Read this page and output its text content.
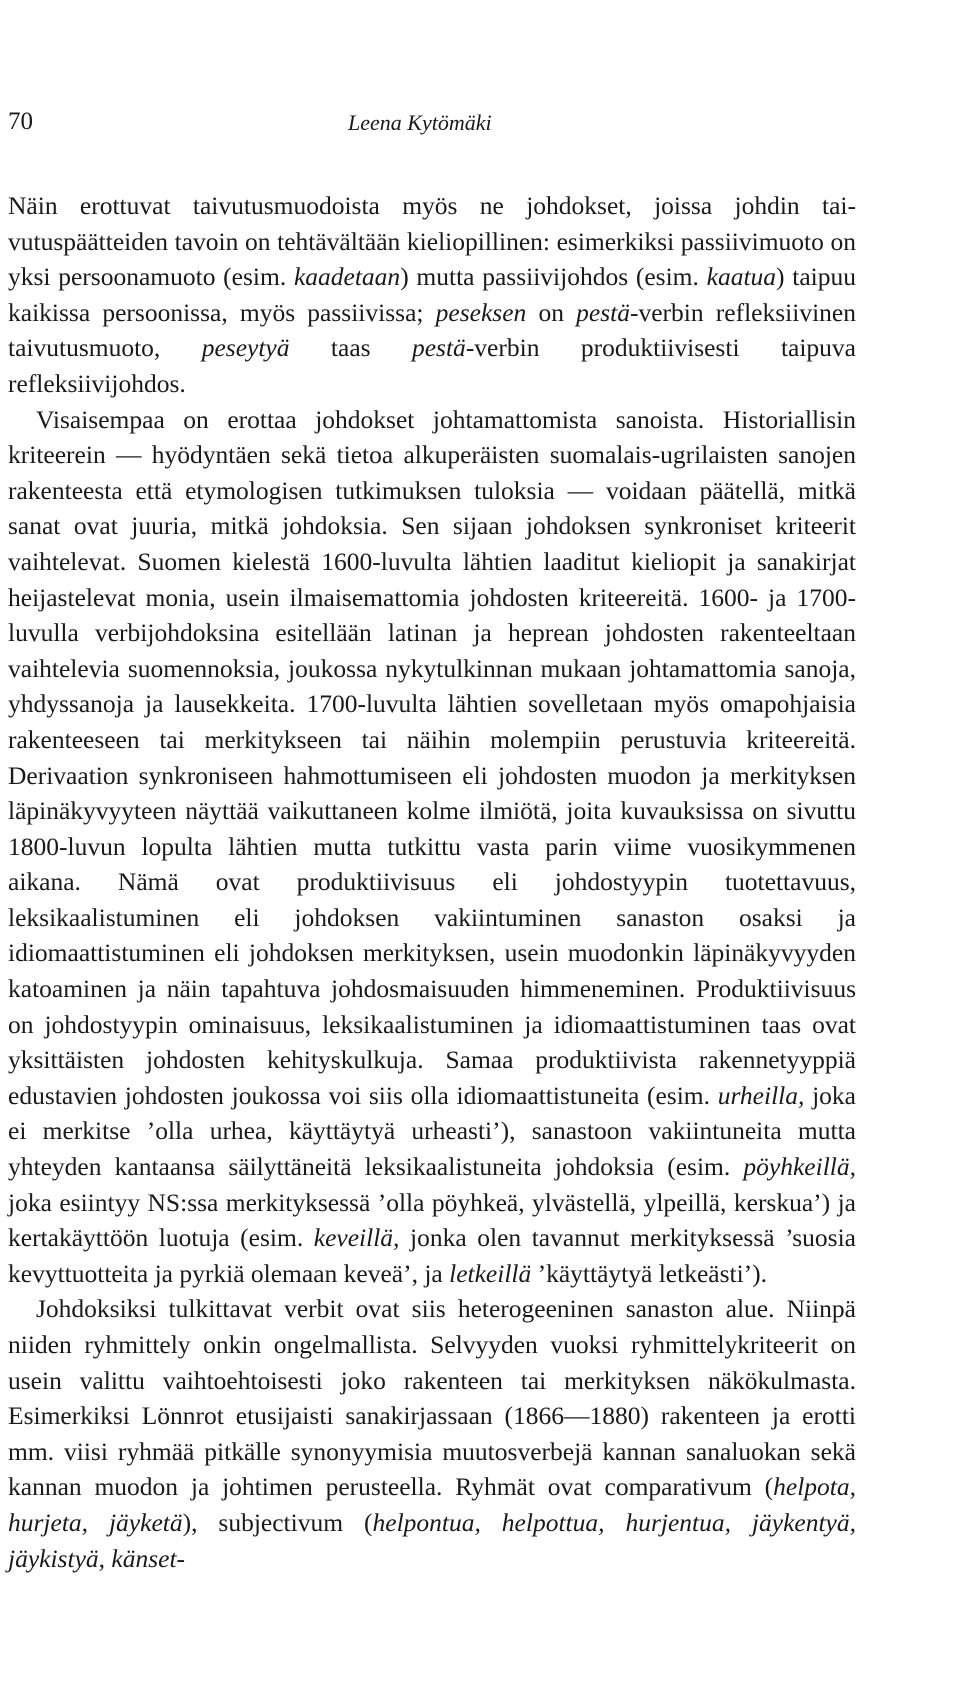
70	Leena Kytömäki

Näin erottuvat taivutusmuodoista myös ne johdokset, joissa johdin taivutuspäätteiden tavoin on tehtävältään kieliopillinen: esimerkiksi passiivimuoto on yksi persoonamuoto (esim. kaadetaan) mutta passiivijohdos (esim. kaatua) taipuu kaikissa persoonissa, myös passiivissa; peseksen on pestä-verbin refleksiivinen taivutusmuoto, peseytyä taas pestä-verbin produktiivisesti taipuva refleksiivijohdos.

Visaisempaa on erottaa johdokset johtamattomista sanoista. Historiallisin kriteerein — hyödyntäen sekä tietoa alkuperäisten suomalais-ugrilaisten sanojen rakenteesta että etymologisen tutkimuksen tuloksia — voidaan päätellä, mitkä sanat ovat juuria, mitkä johdoksia. Sen sijaan johdoksen synkroniset kriteerit vaihtelevat. Suomen kielestä 1600-luvulta lähtien laaditut kieliopit ja sanakirjat heijastelevat monia, usein ilmaisemattomia johdosten kriteereitä. 1600- ja 1700-luvulla verbijohdoksina esitellään latinan ja heprean johdosten rakenteeltaan vaihtelevia suomennoksia, joukossa nykytulkinnan mukaan johtamattomia sanoja, yhdyssanoja ja lausekkeita. 1700-luvulta lähtien sovelletaan myös omapohjaisia rakenteeseen tai merkitykseen tai näihin molempiin perustuvia kriteereitä. Derivaation synkroniseen hahmottumiseen eli johdosten muodon ja merkityksen läpinäkyvyyteen näyttää vaikuttaneen kolme ilmiötä, joita kuvauksissa on sivuttu 1800-luvun lopulta lähtien mutta tutkittu vasta parin viime vuosikymmenen aikana. Nämä ovat produktiivisuus eli johdostyypin tuotettavuus, leksikaalistuminen eli johdoksen vakiintuminen sanaston osaksi ja idiomaattistuminen eli johdoksen merkityksen, usein muodonkin läpinäkyvyyden katoaminen ja näin tapahtuva johdosmaisuuden himmeneminen. Produktiivisuus on johdostyypin ominaisuus, leksikaalistuminen ja idiomaattistuminen taas ovat yksittäisten johdosten kehityskulkuja. Samaa produktiivista rakennetyyppiä edustavien johdosten joukossa voi siis olla idiomaattistuneita (esim. urheilla, joka ei merkitse ’olla urhea, käyttäytyä urheasti’), sanastoon vakiintuneita mutta yhteyden kantaansa säilyttäneitä leksikaalistuneita johdoksia (esim. pöyhkeillä, joka esiintyy NS:ssa merkityksessä ’olla pöyhkeä, ylvästellä, ylpeillä, kerskua’) ja kertakäyttöön luotuja (esim. keveillä, jonka olen tavannut merkityksessä ’suosia kevyttuotteita ja pyrkiä olemaan keveä’, ja letkeillä ’käyttäytyä letkeästi’).

Johdoksiksi tulkittavat verbit ovat siis heterogeeninen sanaston alue. Niinpä niiden ryhmittely onkin ongelmallista. Selvyyden vuoksi ryhmittelykriteerit on usein valittu vaihtoehtoisesti joko rakenteen tai merkityksen näkökulmasta. Esimerkiksi Lönnrot etusijaisti sanakirjassaan (1866—1880) rakenteen ja erotti mm. viisi ryhmää pitkälle synonyymisia muutosverbejä kannan sanaluokan sekä kannan muodon ja johtimen perusteella. Ryhmät ovat comparativum (helpota, hurjeta, jäyketä), subjectivum (helpontua, helpottua, hurjentua, jäykentyä, jäykistyä, känset-
